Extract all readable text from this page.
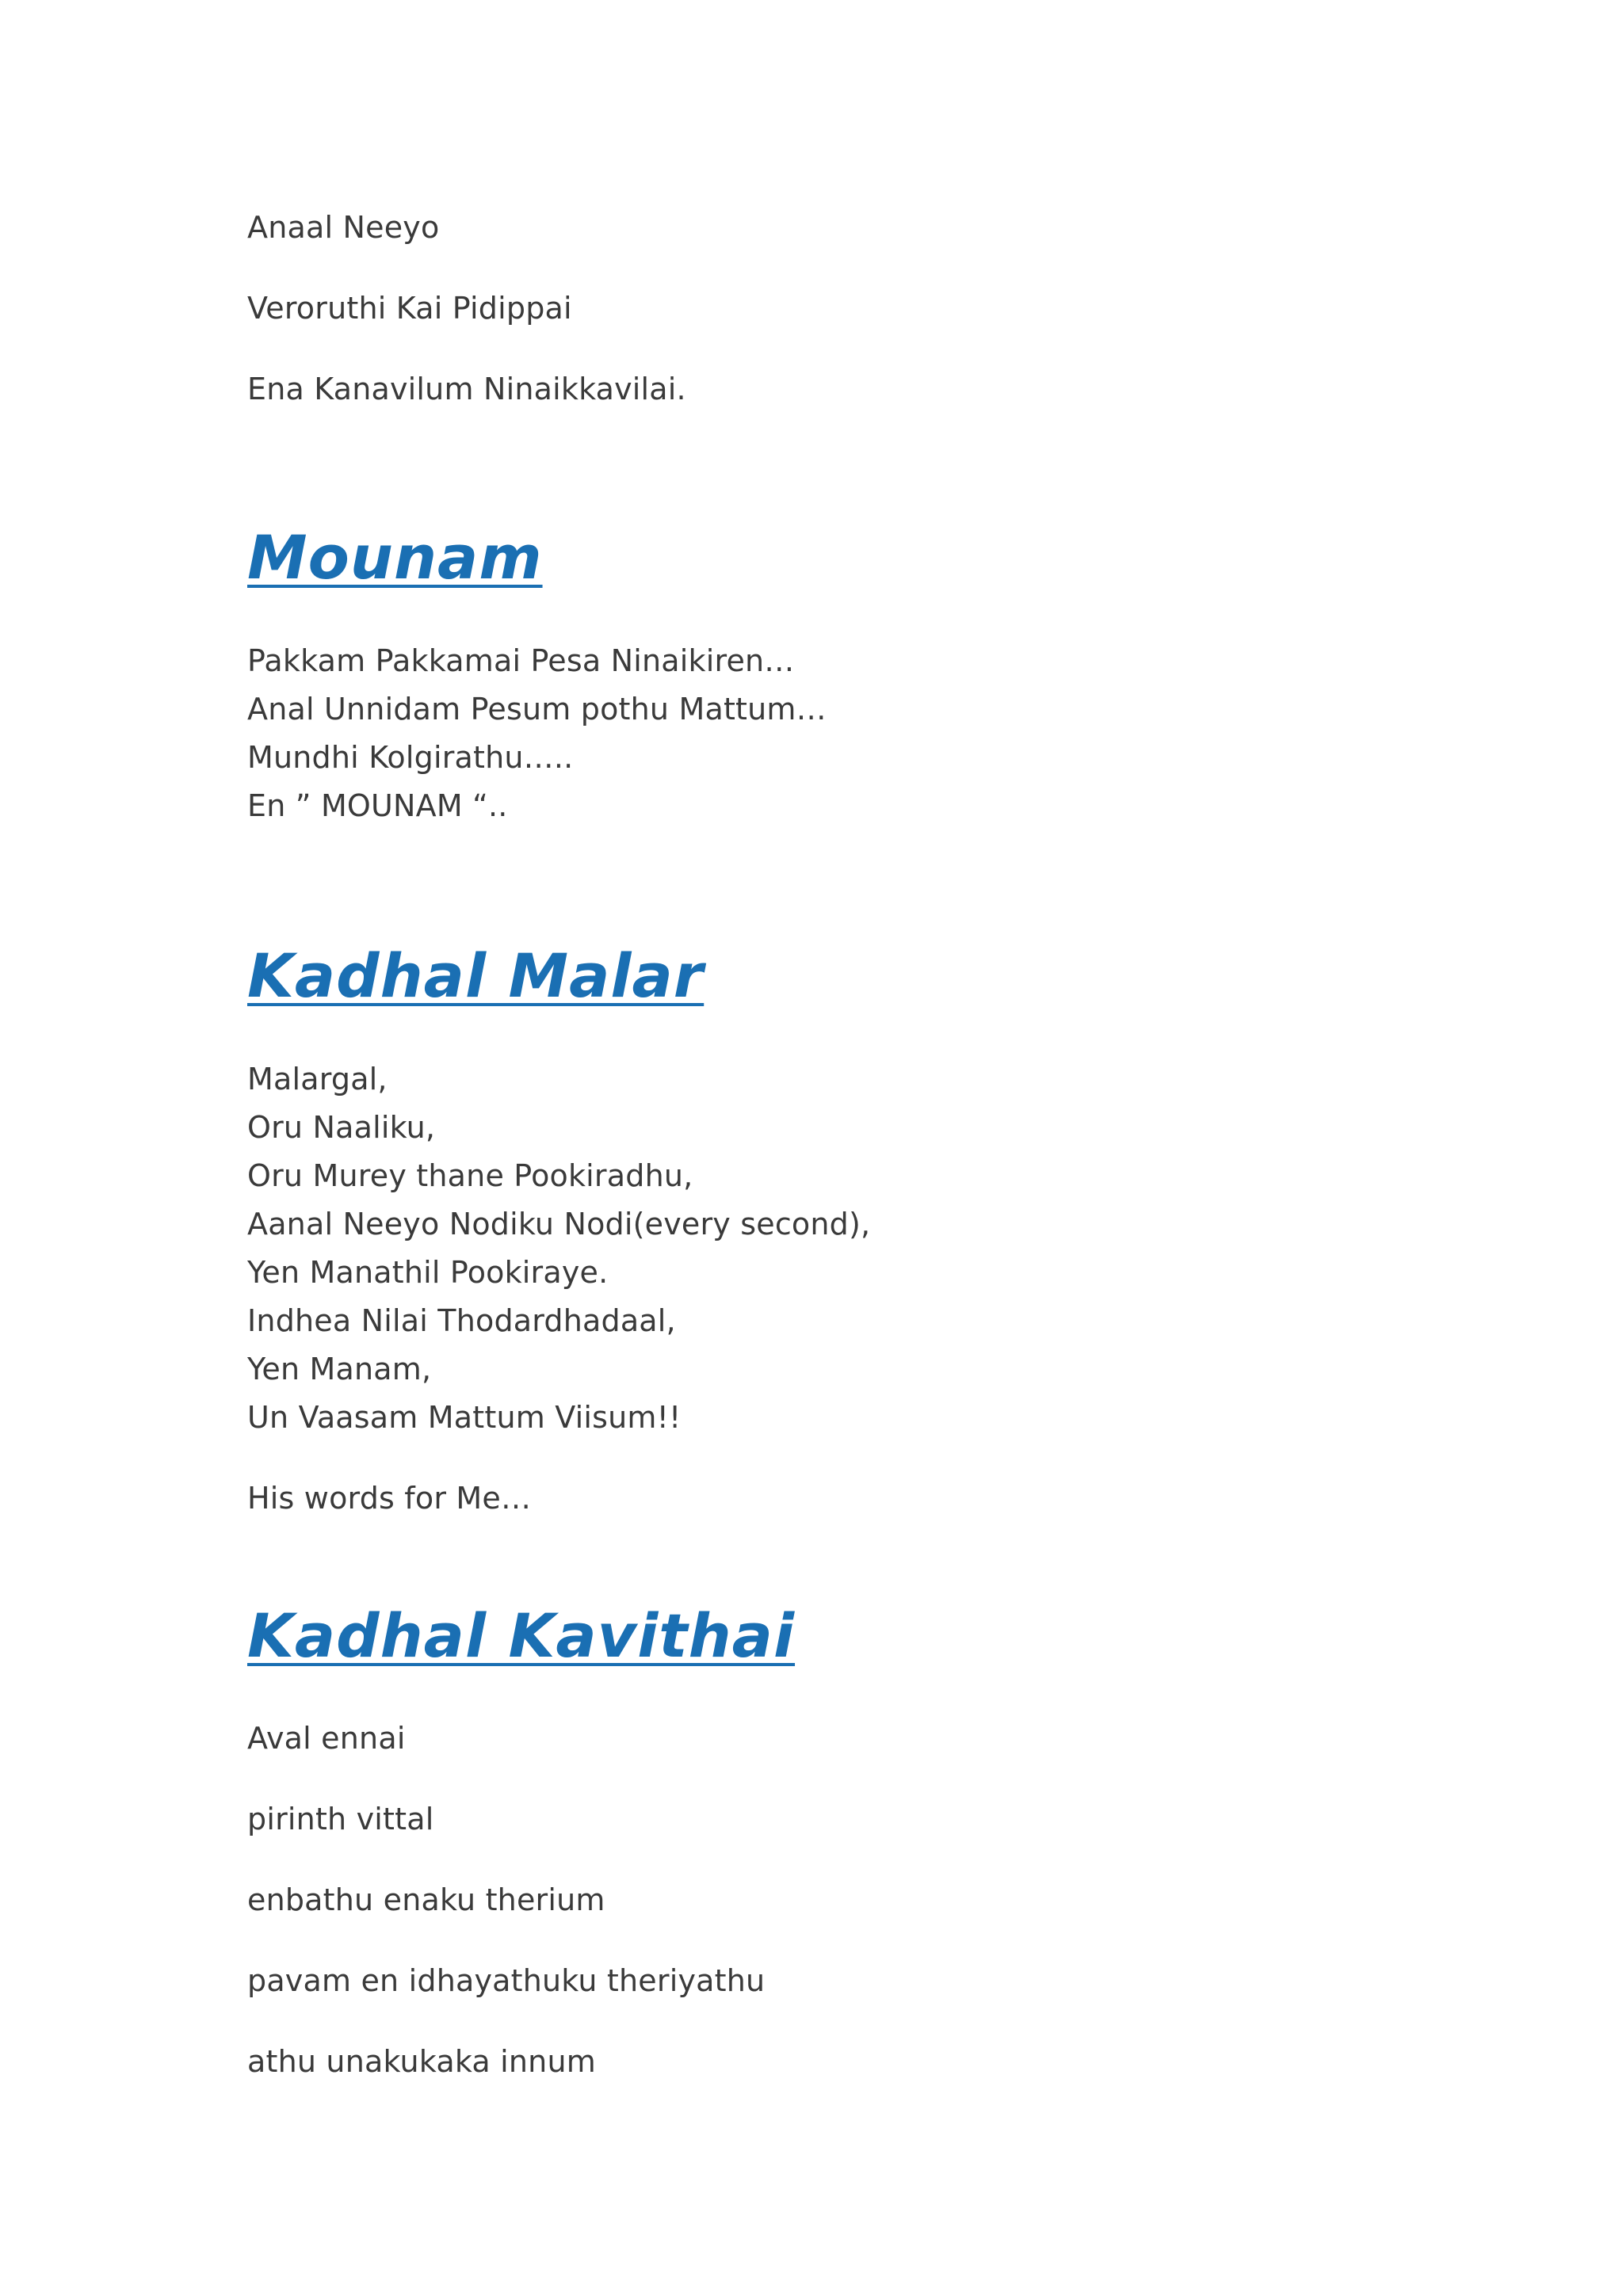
Anaal Neeyo
Veroruthi Kai Pidippai
Ena Kanavilum Ninaikkavilai.
Mounam
Pakkam Pakkamai Pesa Ninaikiren…
Anal Unnidam Pesum pothu Mattum…
Mundhi Kolgirathu…..
En ” MOUNAM “..
Kadhal Malar
Malargal,
Oru Naaliku,
Oru Murey thane Pookiradhu,
Aanal Neeyo Nodiku Nodi(every second),
Yen Manathil Pookiraye.
Indhea Nilai Thodardhadaal,
Yen Manam,
Un Vaasam Mattum Viisum!!
His words for Me…
Kadhal Kavithai
Aval ennai
pirinth vittal
enbathu enaku therium
pavam en idhayathuku theriyathu
athu unakukaka innum
